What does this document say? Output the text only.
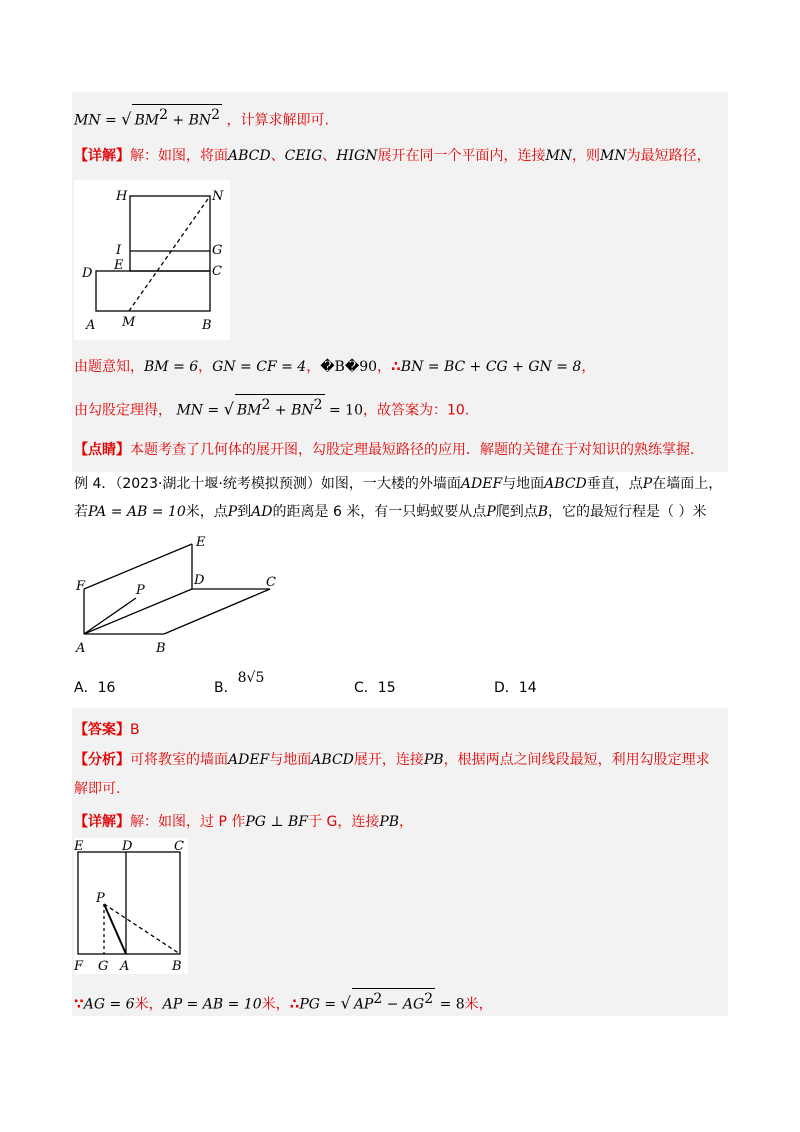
MN = √ $BM^2 + BN^2$ ，计算求解即可.
【详解】解：如图，将面ABCD、CEIG、HIGN展开在同一个平面内，连接MN，则MN为最短路径，
H	N
I	G
D
E	C
A M	B
由题意知，BM = 6，GN = CF = 4，�B�90，∴BN = BC + CG + GN = 8，
由勾股定理得， MN = √ $BM^2 + BN^2 = 10$，故答案为：10.
【点睛】本题考查了几何体的展开图，勾股定理最短路径的应用．解题的关键在于对知识的熟练掌握．
例 4．（2023·湖北十堰·统考模拟预测）如图，一大楼的外墙面ADEF与地面ABCD垂直，点P在墙面上，
若PA = AB = 10米，点P到AD的距离是 6 米，有一只蚂蚁要从点P爬到点B，它的最短行程是（ ）米
E
F	P
D	C
A	B
A．16	B．8√5
C．15	D．14
【答案】B
【分析】可将教室的墙面ADEF与地面ABCD展开，连接PB，根据两点之间线段最短，利用勾股定理求
解即可.
【详解】解：如图，过 P 作PG ⊥ BF于 G，连接PB，
E	D	C
P
F G A	B
∵AG = 6米，AP = AB = 10米，∴PG = √ $AP^2 - AG^2 = 8$米，
